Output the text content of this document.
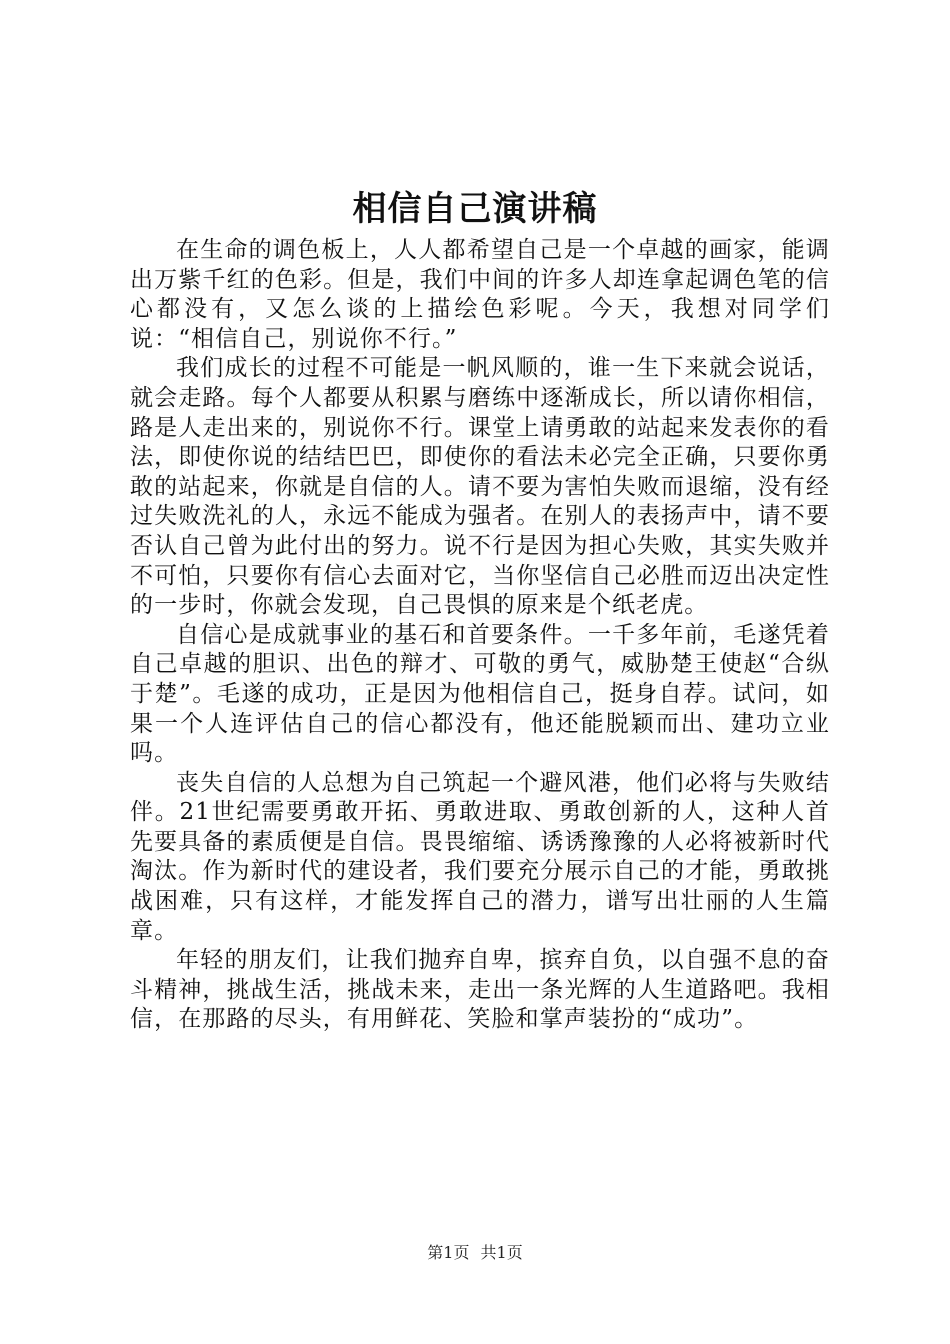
相信自己演讲稿

在生命的调色板上，人人都希望自己是一个卓越的画家，能调出万紫千红的色彩。但是，我们中间的许多人却连拿起调色笔的信心都没有，又怎么谈的上描绘色彩呢。今天，我想对同学们说：“相信自己，别说你不行。”

我们成长的过程不可能是一帆风顺的，谁一生下来就会说话，就会走路。每个人都要从积累与磨练中逐渐成长，所以请你相信，路是人走出来的，别说你不行。课堂上请勇敢的站起来发表你的看法，即使你说的结结巴巴，即使你的看法未必完全正确，只要你勇敢的站起来，你就是自信的人。请不要为害怕失败而退缩，没有经过失败洗礼的人，永远不能成为强者。在别人的表扬声中，请不要否认自己曾为此付出的努力。说不行是因为担心失败，其实失败并不可怕，只要你有信心去面对它，当你坚信自己必胜而迈出决定性的一步时，你就会发现，自己畏惧的原来是个纸老虎。

自信心是成就事业的基石和首要条件。一千多年前，毛遂凭着自己卓越的胆识、出色的辩才、可敬的勇气，威胁楚王使赵“合纵于楚”。毛遂的成功，正是因为他相信自己，挺身自荐。试问，如果一个人连评估自己的信心都没有，他还能脱颖而出、建功立业吗。

丧失自信的人总想为自己筑起一个避风港，他们必将与失败结伴。21世纪需要勇敢开拓、勇敢进取、勇敢创新的人，这种人首先要具备的素质便是自信。畏畏缩缩、诱诱豫豫的人必将被新时代淘汰。作为新时代的建设者，我们要充分展示自己的才能，勇敢挑战困难，只有这样，才能发挥自己的潜力，谱写出壮丽的人生篇章。

年轻的朋友们，让我们抛弃自卑，摈弃自负，以自强不息的奋斗精神，挑战生活，挑战未来，走出一条光辉的人生道路吧。我相信，在那路的尽头，有用鲜花、笑脸和掌声装扮的“成功”。

第1页 共1页
